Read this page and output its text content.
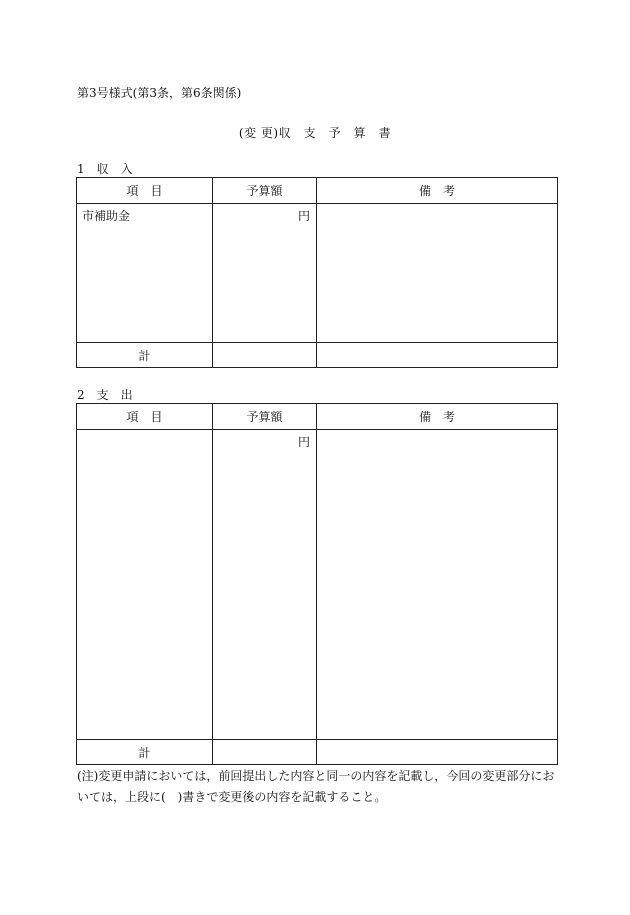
第3号様式(第3条，第6条関係)
(変 更)収　支　予　算　書
1　収　入
項　目	予算額	備　考
市補助金	円	
計		
2　支　出
項　目	予算額	備　考
	円	
計		
(注)変更申請においては，前回提出した内容と同一の内容を記載し，今回の変更部分においては，上段に(　)書きで変更後の内容を記載すること。
